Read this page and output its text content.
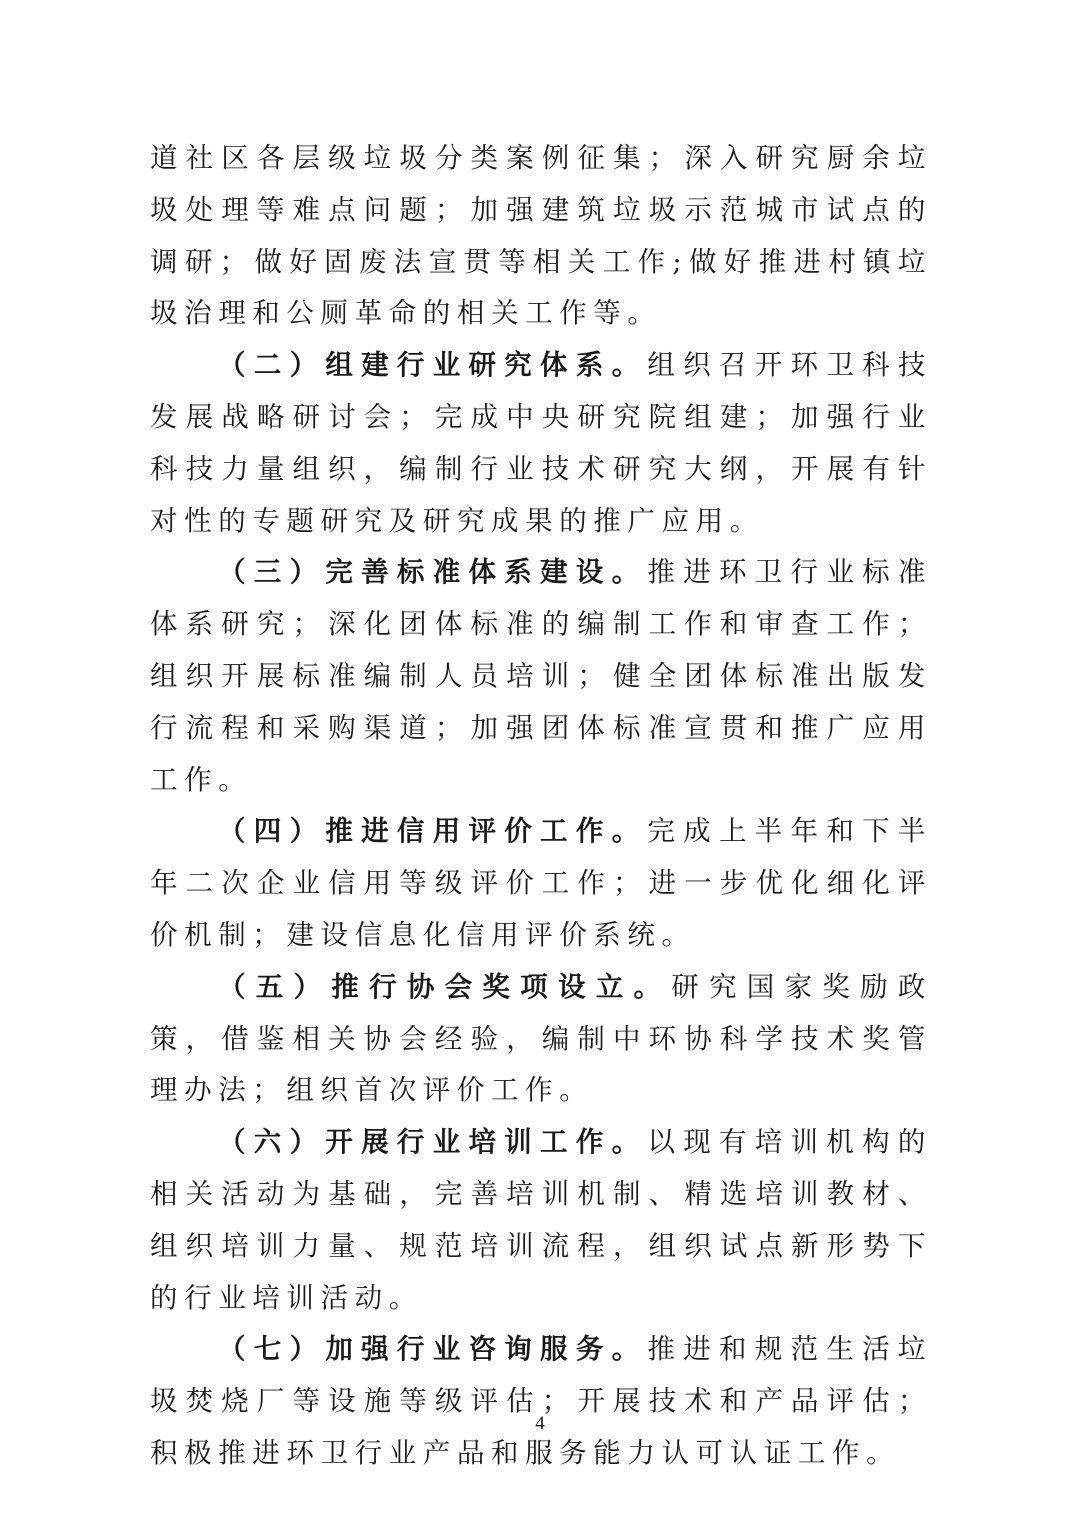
道社区各层级垃圾分类案例征集；深入研究厨余垃圾处理等难点问题；加强建筑垃圾示范城市试点的调研；做好固废法宣贯等相关工作;做好推进村镇垃圾治理和公厕革命的相关工作等。

（二）组建行业研究体系。组织召开环卫科技发展战略研讨会；完成中央研究院组建；加强行业科技力量组织，编制行业技术研究大纲，开展有针对性的专题研究及研究成果的推广应用。

（三）完善标准体系建设。推进环卫行业标准体系研究；深化团体标准的编制工作和审查工作；组织开展标准编制人员培训；健全团体标准出版发行流程和采购渠道；加强团体标准宣贯和推广应用工作。

（四）推进信用评价工作。完成上半年和下半年二次企业信用等级评价工作；进一步优化细化评价机制；建设信息化信用评价系统。

（五）推行协会奖项设立。研究国家奖励政策，借鉴相关协会经验，编制中环协科学技术奖管理办法；组织首次评价工作。

（六）开展行业培训工作。以现有培训机构的相关活动为基础，完善培训机制、精选培训教材、组织培训力量、规范培训流程，组织试点新形势下的行业培训活动。

（七）加强行业咨询服务。推进和规范生活垃圾焚烧厂等设施等级评估；开展技术和产品评估；积极推进环卫行业产品和服务能力认可认证工作。

4
